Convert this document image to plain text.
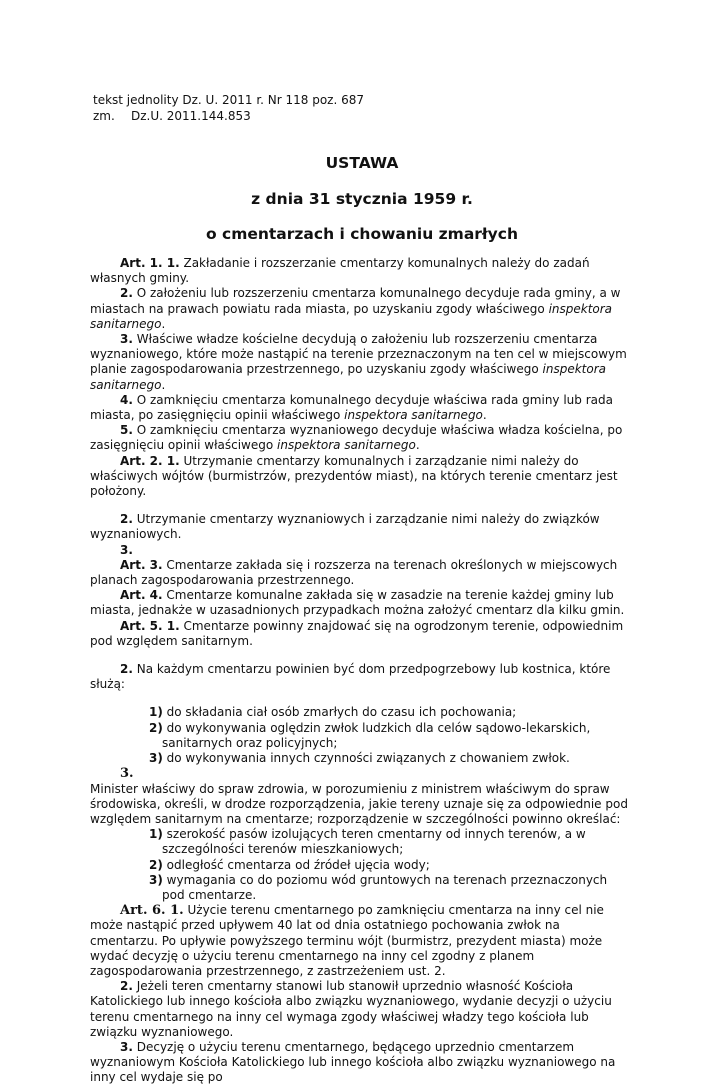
tekst jednolity Dz. U. 2011 r. Nr 118 poz. 687
zm. Dz.U. 2011.144.853
USTAWA
z dnia 31 stycznia 1959 r.
o cmentarzach i chowaniu zmarłych

Art. 1. 1. Zakładanie i rozszerzanie cmentarzy komunalnych należy do zadań własnych gminy.

2. O założeniu lub rozszerzeniu cmentarza komunalnego decyduje rada gminy, a w miastach na prawach powiatu rada miasta, po uzyskaniu zgody właściwego inspektora sanitarnego.

3. Właściwe władze kościelne decydują o założeniu lub rozszerzeniu cmentarza wyznaniowego, które może nastąpić na terenie przeznaczonym na ten cel w miejscowym planie zagospodarowania przestrzennego, po uzyskaniu zgody właściwego inspektora sanitarnego.

4. O zamknięciu cmentarza komunalnego decyduje właściwa rada gminy lub rada miasta, po zasięgnięciu opinii właściwego inspektora sanitarnego.

5. O zamknięciu cmentarza wyznaniowego decyduje właściwa władza kościelna, po zasięgnięciu opinii właściwego inspektora sanitarnego.

Art. 2. 1. Utrzymanie cmentarzy komunalnych i zarządzanie nimi należy do właściwych wójtów (burmistrzów, prezydentów miast), na których terenie cmentarz jest położony.

2. Utrzymanie cmentarzy wyznaniowych i zarządzanie nimi należy do związków wyznaniowych.

3.

Art. 3. Cmentarze zakłada się i rozszerza na terenach określonych w miejscowych planach zagospodarowania przestrzennego.

Art. 4. Cmentarze komunalne zakłada się w zasadzie na terenie każdej gminy lub miasta, jednakże w uzasadnionych przypadkach można założyć cmentarz dla kilku gmin.

Art. 5. 1. Cmentarze powinny znajdować się na ogrodzonym terenie, odpowiednim pod względem sanitarnym.

2. Na każdym cmentarzu powinien być dom przedpogrzebowy lub kostnica, które służą:

1) do składania ciał osób zmarłych do czasu ich pochowania;

2) do wykonywania oględzin zwłok ludzkich dla celów sądowo-lekarskich, sanitarnych oraz policyjnych;

3) do wykonywania innych czynności związanych z chowaniem zwłok.

3.

Minister właściwy do spraw zdrowia, w porozumieniu z ministrem właściwym do spraw środowiska, określi, w drodze rozporządzenia, jakie tereny uznaje się za odpowiednie pod względem sanitarnym na cmentarze; rozporządzenie w szczególności powinno określać:

1) szerokość pasów izolujących teren cmentarny od innych terenów, a w szczególności terenów mieszkaniowych;

2) odległość cmentarza od źródeł ujęcia wody;

3) wymagania co do poziomu wód gruntowych na terenach przeznaczonych pod cmentarze.

Art. 6. 1. Użycie terenu cmentarnego po zamknięciu cmentarza na inny cel nie może nastąpić przed upływem 40 lat od dnia ostatniego pochowania zwłok na cmentarzu. Po upływie powyższego terminu wójt (burmistrz, prezydent miasta) może wydać decyzję o użyciu terenu cmentarnego na inny cel zgodny z planem zagospodarowania przestrzennego, z zastrzeżeniem ust. 2.

2. Jeżeli teren cmentarny stanowi lub stanowił uprzednio własność Kościoła Katolickiego lub innego kościoła albo związku wyznaniowego, wydanie decyzji o użyciu terenu cmentarnego na inny cel wymaga zgody właściwej władzy tego kościoła lub związku wyznaniowego.

3. Decyzję o użyciu terenu cmentarnego, będącego uprzednio cmentarzem wyznaniowym Kościoła Katolickiego lub innego kościoła albo związku wyznaniowego na inny cel wydaje się po
